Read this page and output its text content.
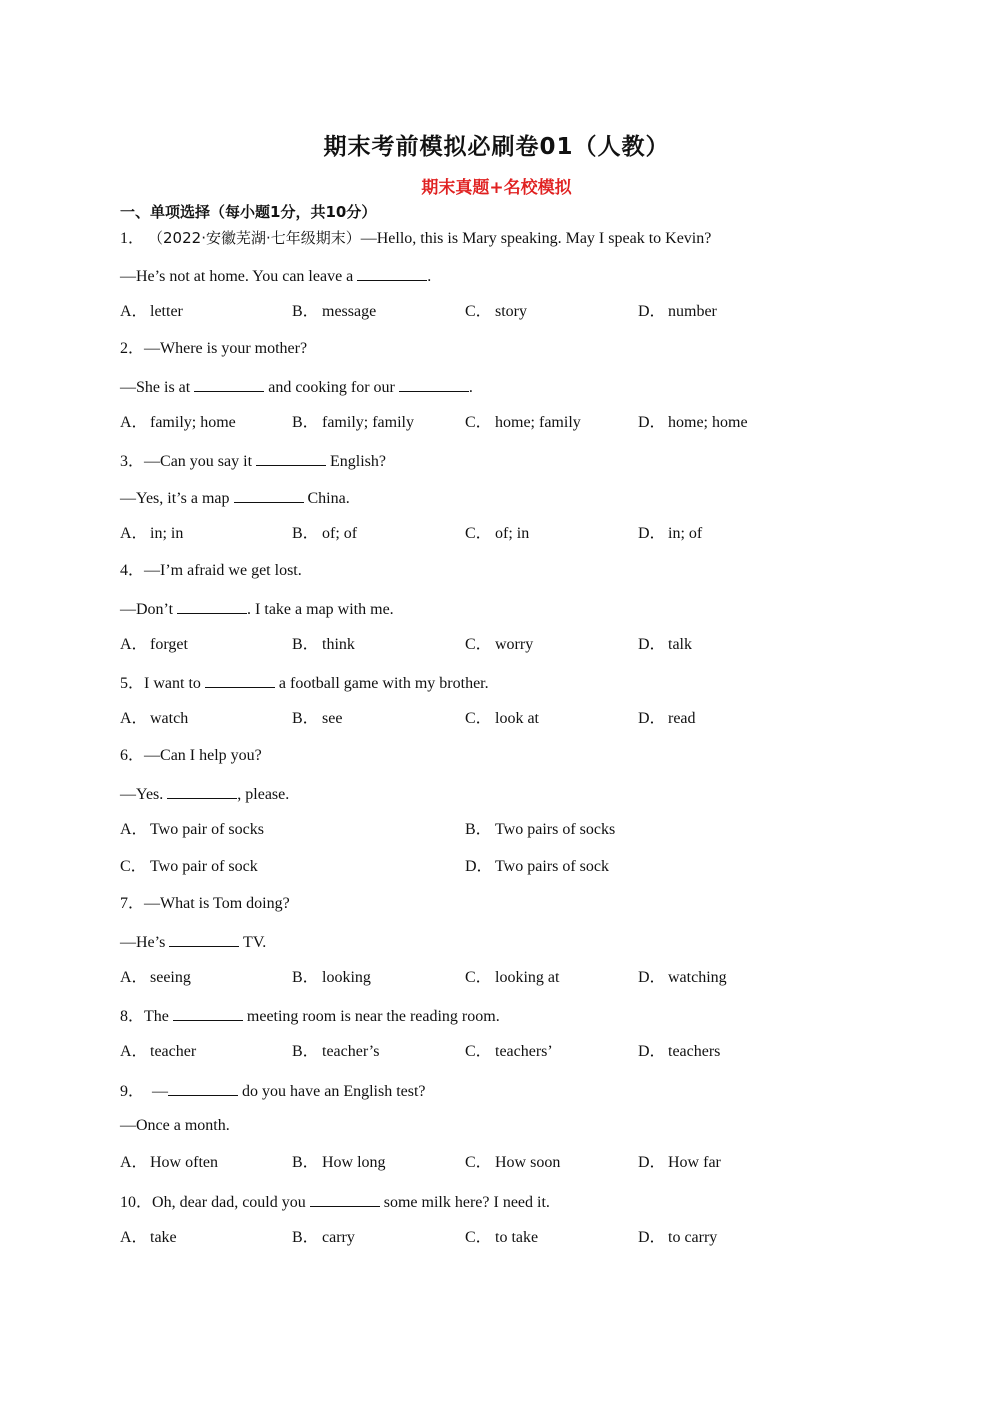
期末考前模拟必刷卷01（人教）
期末真题+名校模拟
一、单项选择（每小题1分，共10分）
1． （2022·安徽芜湖·七年级期末）—Hello, this is Mary speaking. May I speak to Kevin?
—He’s not at home. You can leave a	.
A． letter	B． message	C． story	D． number
2．—Where is your mother?
—She is at	and cooking for our	.
A． family; home	B． family; family	C． home; family	D． home; home
3．—Can you say it	English?
—Yes, it’s a map	China.
A． in; in	B． of; of	C． of; in	D． in; of
4．—I’m afraid we get lost.
—Don’t	. I take a map with me.
A． forget	B． think	C． worry	D． talk
5．I want to	a football game with my brother.
A． watch	B． see	C． look at	D． read
6．—Can I help you?
—Yes.	, please.
A． Two pair of socks	B． Two pairs of socks
C． Two pair of sock	D． Two pairs of sock
7．—What is Tom doing?
—He’s	TV.
A． seeing	B． looking	C． looking at	D． watching
8．The	meeting room is near the reading room.
A． teacher	B． teacher’s	C． teachers’	D． teachers
9． —	do you have an English test?
—Once a month.
A． How often	B． How long	C． How soon	D． How far
10．Oh, dear dad, could you	some milk here? I need it.
A． take	B． carry	C． to take	D． to carry
